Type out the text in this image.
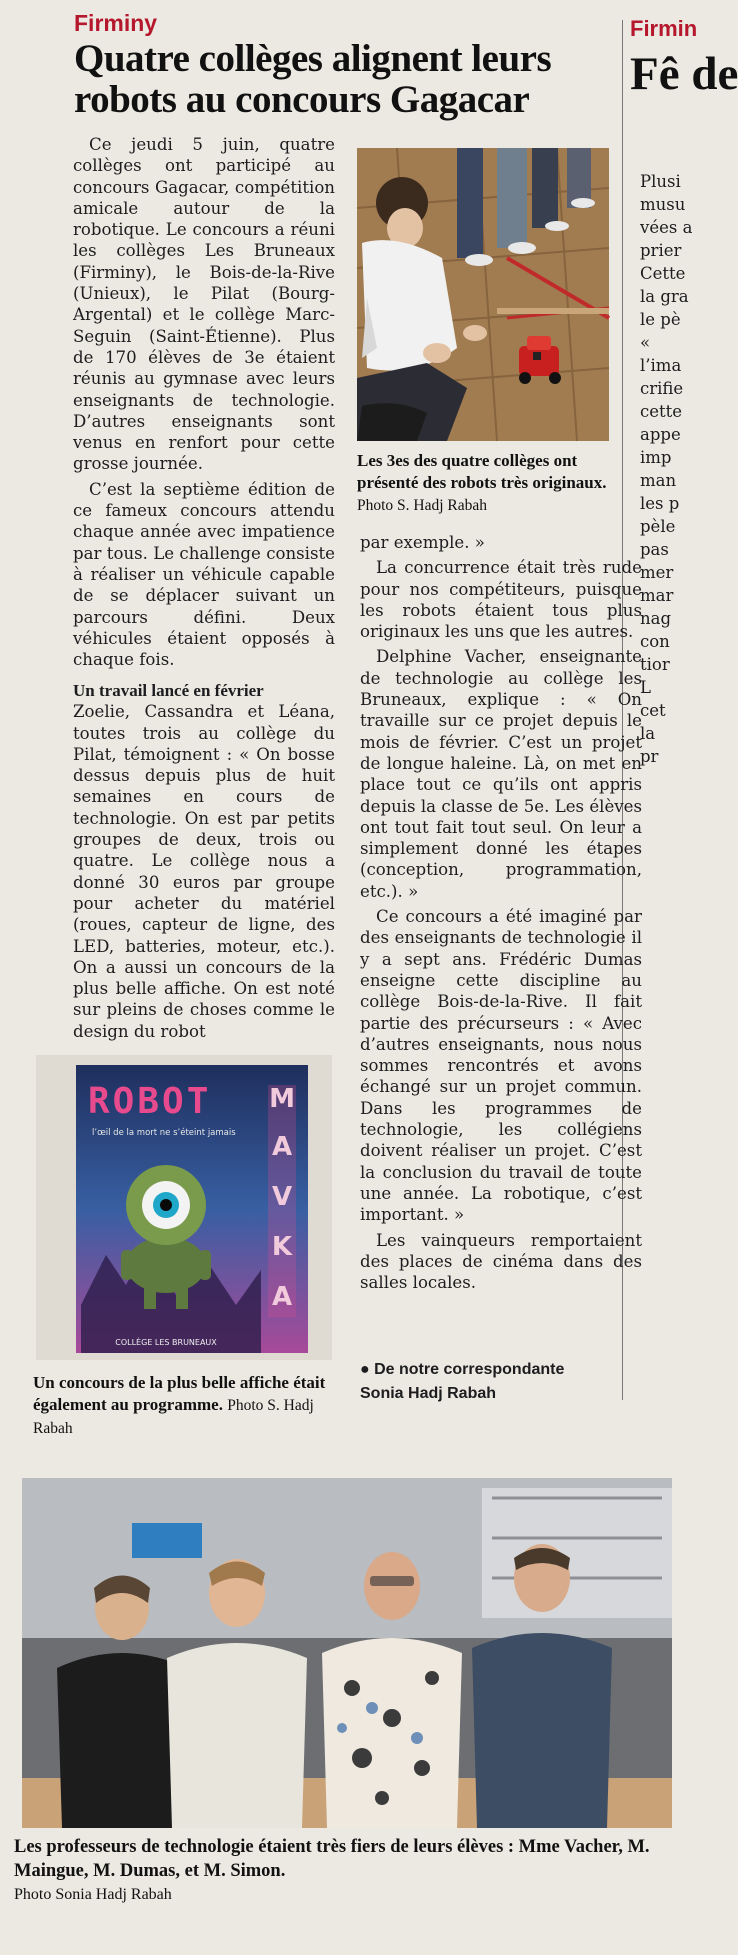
Firminy	Firmin
Quatre collèges alignent leurs robots au concours Gagacar	Fê de

Ce jeudi 5 juin, quatre collèges ont participé au concours Gagacar, compétition amicale autour de la robotique. Le concours a réuni les collèges Les Bruneaux (Firminy), le Bois-de-la-Rive (Unieux), le Pilat (Bourg-Argental) et le collège Marc-Seguin (Saint-Étienne). Plus de 170 élèves de 3e étaient réunis au gymnase avec leurs enseignants de technologie. D’autres enseignants sont venus en renfort pour cette grosse journée.

C’est la septième édition de ce fameux concours attendu chaque année avec impatience par tous. Le challenge consiste à réaliser un véhicule capable de se déplacer suivant un parcours défini. Deux véhicules étaient opposés à chaque fois.

Les 3es des quatre collèges ont présenté des robots très originaux. Photo S. Hadj Rabah

Un travail lancé en février

Zoelie, Cassandra et Léana, toutes trois au collège du Pilat, témoignent : « On bosse dessus depuis plus de huit semaines en cours de technologie. On est par petits groupes de deux, trois ou quatre. Le collège nous a donné 30 euros par groupe pour acheter du matériel (roues, capteur de ligne, des LED, batteries, moteur, etc.). On a aussi un concours de la plus belle affiche. On est noté sur pleins de choses comme le design du robot

par exemple. »

La concurrence était très rude pour nos compétiteurs, puisque les robots étaient tous plus originaux les uns que les autres.

Delphine Vacher, enseignante de technologie au collège les Bruneaux, explique : « On travaille sur ce projet depuis le mois de février. C’est un projet de longue haleine. Là, on met en place tout ce qu’ils ont appris depuis la classe de 5e. Les élèves ont tout fait tout seul. On leur a simplement donné les étapes (conception, programmation, etc.). »

Ce concours a été imaginé par des enseignants de technologie il y a sept ans. Frédéric Dumas enseigne cette discipline au collège Bois-de-la-Rive. Il fait partie des précurseurs : « Avec d’autres enseignants, nous nous sommes rencontrés et avons échangé sur un projet commun. Dans les programmes de technologie, les collégiens doivent réaliser un projet. C’est la conclusion du travail de toute une année. La robotique, c’est important. »

Les vainqueurs remportaient des places de cinéma dans des salles locales.

● De notre correspondante
Sonia Hadj Rabah
ROBOT
l’œil de la mort ne s’éteint jamais
M
A
V
K
A
COLLÈGE LES BRUNEAUX
Un concours de la plus belle affiche était également au programme. Photo S. Hadj Rabah
Plusi
musu
vées a
prier
Cette
la gra
le pè
«
l’ima
crifie
cette
appe
imp
man
les p
pèle
pas
mer
mar
nag
con
tior
L
cet
la
pr
Les professeurs de technologie étaient très fiers de leurs élèves : Mme Vacher, M. Maingue, M. Dumas, et M. Simon.
Photo Sonia Hadj Rabah
